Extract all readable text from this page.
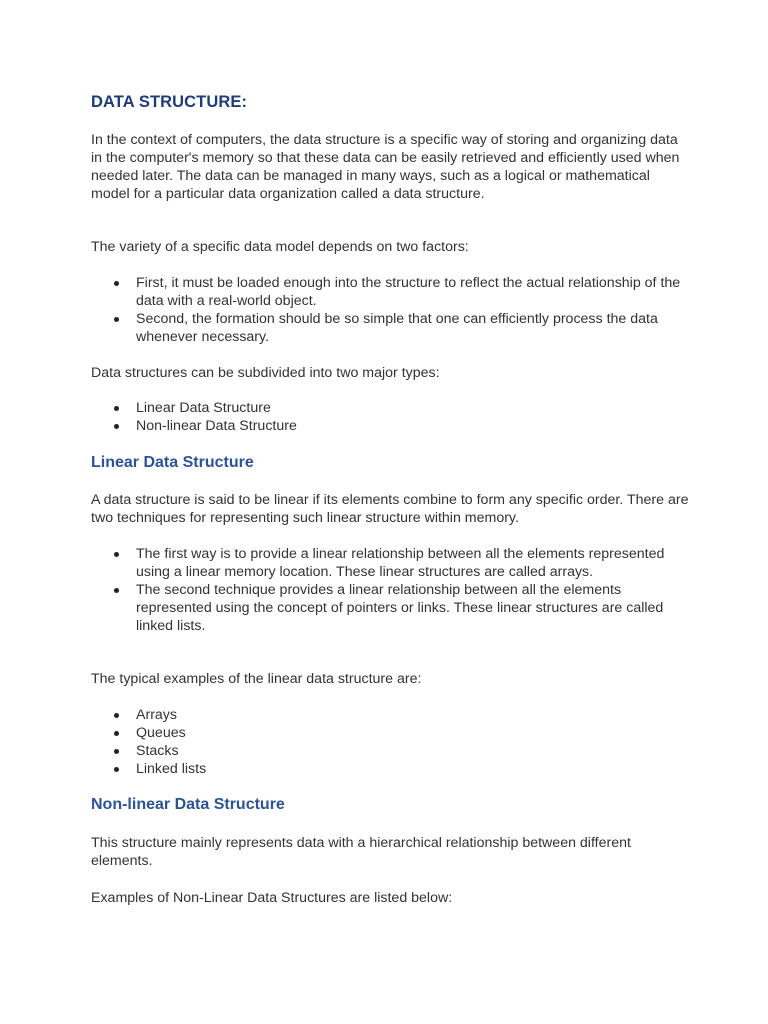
DATA STRUCTURE:

In the context of computers, the data structure is a specific way of storing and organizing data in the computer's memory so that these data can be easily retrieved and efficiently used when needed later. The data can be managed in many ways, such as a logical or mathematical model for a particular data organization called a data structure.

The variety of a specific data model depends on two factors:

First, it must be loaded enough into the structure to reflect the actual relationship of the data with a real-world object.
Second, the formation should be so simple that one can efficiently process the data whenever necessary.

Data structures can be subdivided into two major types:

Linear Data Structure
Non-linear Data Structure
Linear Data Structure

A data structure is said to be linear if its elements combine to form any specific order. There are two techniques for representing such linear structure within memory.

The first way is to provide a linear relationship between all the elements represented using a linear memory location. These linear structures are called arrays.
The second technique provides a linear relationship between all the elements represented using the concept of pointers or links. These linear structures are called linked lists.

The typical examples of the linear data structure are:

Arrays
Queues
Stacks
Linked lists
Non-linear Data Structure

This structure mainly represents data with a hierarchical relationship between different elements.

Examples of Non-Linear Data Structures are listed below:
